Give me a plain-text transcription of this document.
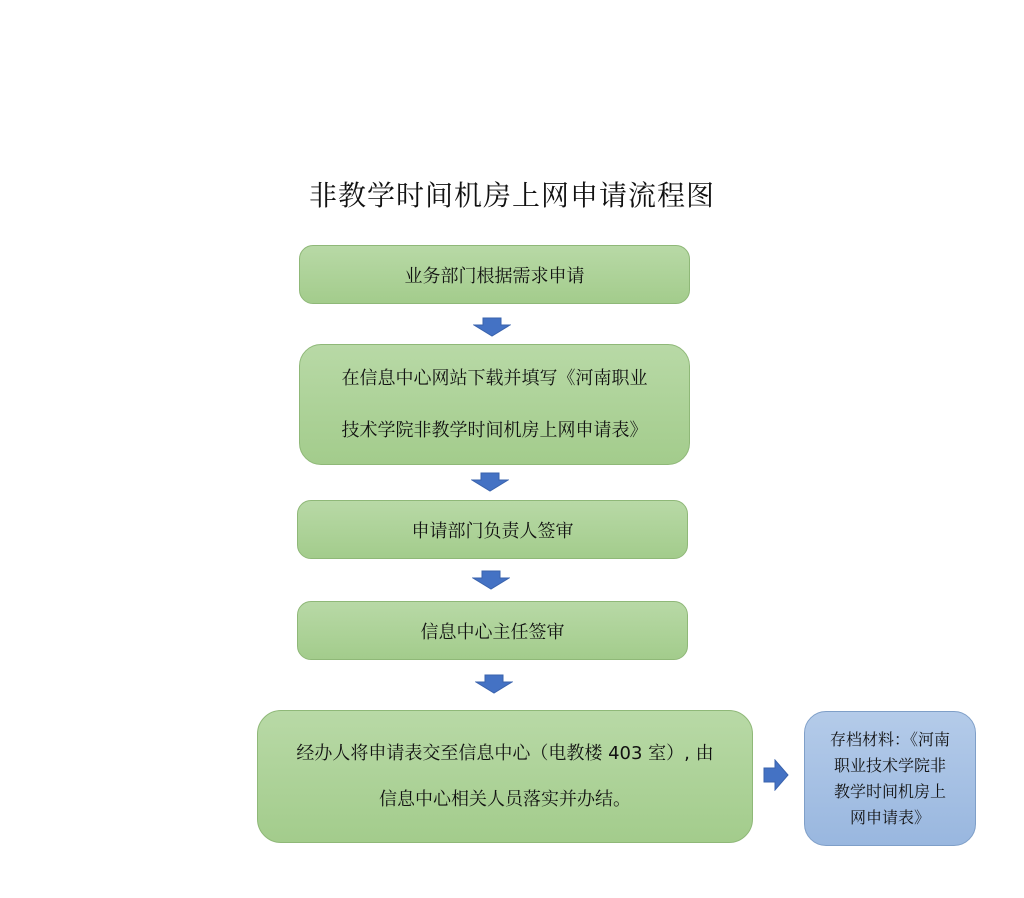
非教学时间机房上网申请流程图
业务部门根据需求申请
在信息中心网站下载并填写《河南职业
技术学院非教学时间机房上网申请表》
申请部门负责人签审
信息中心主任签审
经办人将申请表交至信息中心（电教楼 403 室）, 由
信息中心相关人员落实并办结。
存档材料：《河南
职业技术学院非
教学时间机房上
网申请表》
